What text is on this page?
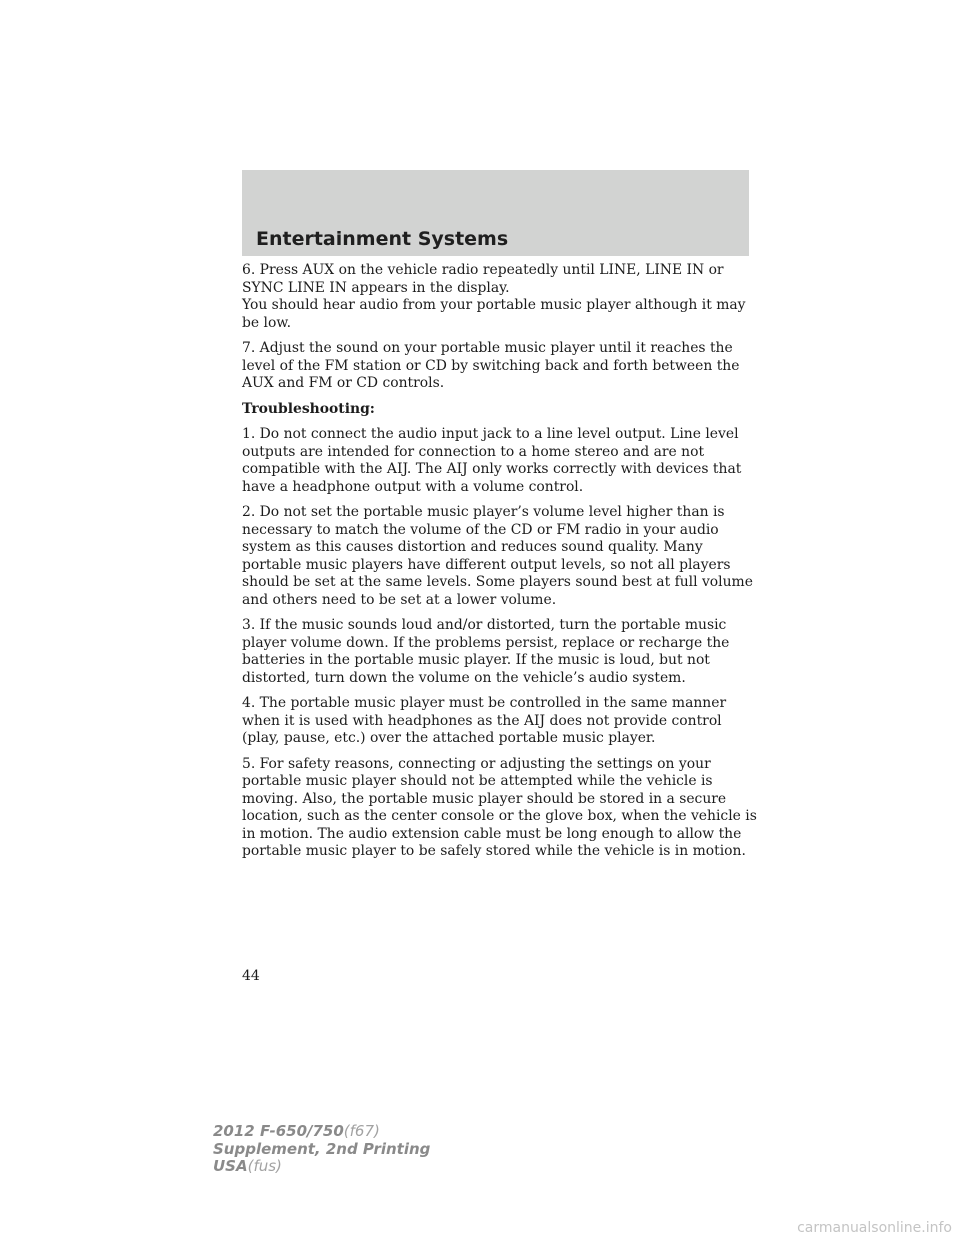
Entertainment Systems

6. Press AUX on the vehicle radio repeatedly until LINE, LINE IN or
SYNC LINE IN appears in the display.
You should hear audio from your portable music player although it may
be low.

7. Adjust the sound on your portable music player until it reaches the
level of the FM station or CD by switching back and forth between the
AUX and FM or CD controls.

Troubleshooting:

1. Do not connect the audio input jack to a line level output. Line level
outputs are intended for connection to a home stereo and are not
compatible with the AIJ. The AIJ only works correctly with devices that
have a headphone output with a volume control.

2. Do not set the portable music player’s volume level higher than is
necessary to match the volume of the CD or FM radio in your audio
system as this causes distortion and reduces sound quality. Many
portable music players have different output levels, so not all players
should be set at the same levels. Some players sound best at full volume
and others need to be set at a lower volume.

3. If the music sounds loud and/or distorted, turn the portable music
player volume down. If the problems persist, replace or recharge the
batteries in the portable music player. If the music is loud, but not
distorted, turn down the volume on the vehicle’s audio system.

4. The portable music player must be controlled in the same manner
when it is used with headphones as the AIJ does not provide control
(play, pause, etc.) over the attached portable music player.

5. For safety reasons, connecting or adjusting the settings on your
portable music player should not be attempted while the vehicle is
moving. Also, the portable music player should be stored in a secure
location, such as the center console or the glove box, when the vehicle is
in motion. The audio extension cable must be long enough to allow the
portable music player to be safely stored while the vehicle is in motion.

44
2012 F-650/750(f67)
Supplement, 2nd Printing
USA(fus)
carmanualsonline.info
